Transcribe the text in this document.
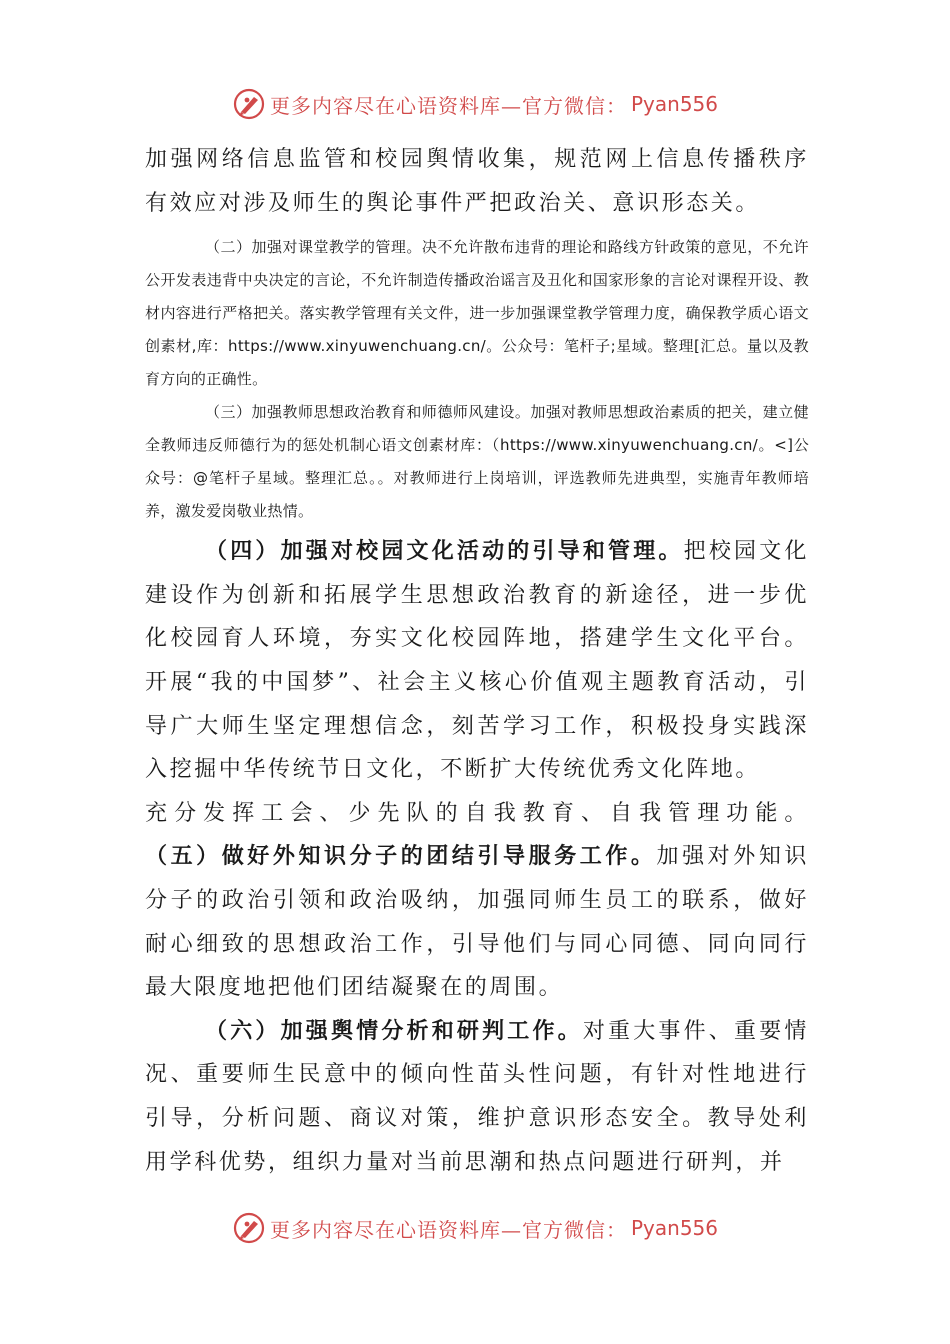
更多内容尽在心语资料库—官方微信： Pyan556

加强网络信息监管和校园舆情收集，规范网上信息传播秩序有效应对涉及师生的舆论事件严把政治关、意识形态关。

（二）加强对课堂教学的管理。决不允许散布违背的理论和路线方针政策的意见，不允许公开发表违背中央决定的言论，不允许制造传播政治谣言及丑化和国家形象的言论对课程开设、教材内容进行严格把关。落实教学管理有关文件，进一步加强课堂教学管理力度，确保教学质心语文创素材,库：https://www.xinyuwenchuang.cn/。公众号：笔杆子;星域。整理[汇总。量以及教育方向的正确性。

（三）加强教师思想政治教育和师德师风建设。加强对教师思想政治素质的把关，建立健全教师违反师德行为的惩处机制心语文创素材库：（https://www.xinyuwenchuang.cn/。<]公众号：@笔杆子星域。整理汇总。。对教师进行上岗培训，评选教师先进典型，实施青年教师培养，激发爱岗敬业热情。

（四）加强对校园文化活动的引导和管理。把校园文化建设作为创新和拓展学生思想政治教育的新途径，进一步优化校园育人环境，夯实文化校园阵地，搭建学生文化平台。开展“我的中国梦”、社会主义核心价值观主题教育活动，引导广大师生坚定理想信念，刻苦学习工作，积极投身实践深入挖掘中华传统节日文化，不断扩大传统优秀文化阵地。

充分发挥工会、少先队的自我教育、自我管理功能。

（五）做好外知识分子的团结引导服务工作。加强对外知识分子的政治引领和政治吸纳，加强同师生员工的联系，做好耐心细致的思想政治工作，引导他们与同心同德、同向同行最大限度地把他们团结凝聚在的周围。

（六）加强舆情分析和研判工作。对重大事件、重要情况、重要师生民意中的倾向性苗头性问题，有针对性地进行引导，分析问题、商议对策，维护意识形态安全。教导处利用学科优势，组织力量对当前思潮和热点问题进行研判，并

更多内容尽在心语资料库—官方微信： Pyan556
